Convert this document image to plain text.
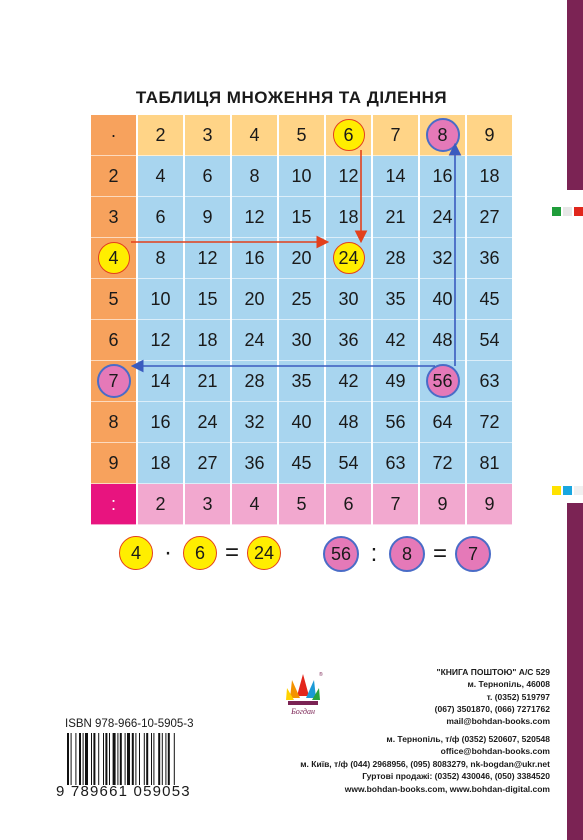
ТАБЛИЦЯ МНОЖЕННЯ ТА ДІЛЕННЯ
·	2	3	4	5	6	7	8	9
2	4	6	8	10	12	14	16	18
3	6	9	12	15	18	21	24	27
4	8	12	16	20	24	28	32	36
5	10	15	20	25	30	35	40	45
6	12	18	24	30	36	42	48	54
7	14	21	28	35	42	49	56	63
8	16	24	32	40	48	56	64	72
9	18	27	36	45	54	63	72	81
:	2	3	4	5	6	7	9	9
4 ·	6 = 24	56 :	8 =	7
Богдан
®	"КНИГА ПОШТОЮ" А/С 529
м. Тернопіль, 46008
т. (0352) 519797
(067) 3501870, (066) 7271762
mail@bohdan-books.com
м. Тернопіль, т/ф (0352) 520607, 520548
office@bohdan-books.com
м. Київ, т/ф (044) 2968956, (095) 8083279, nk-bogdan@ukr.net
Гуртові продажі: (0352) 430046, (050) 3384520
www.bohdan-books.com, www.bohdan-digital.com
ISBN 978-966-10-5905-3
9 789661 059053
